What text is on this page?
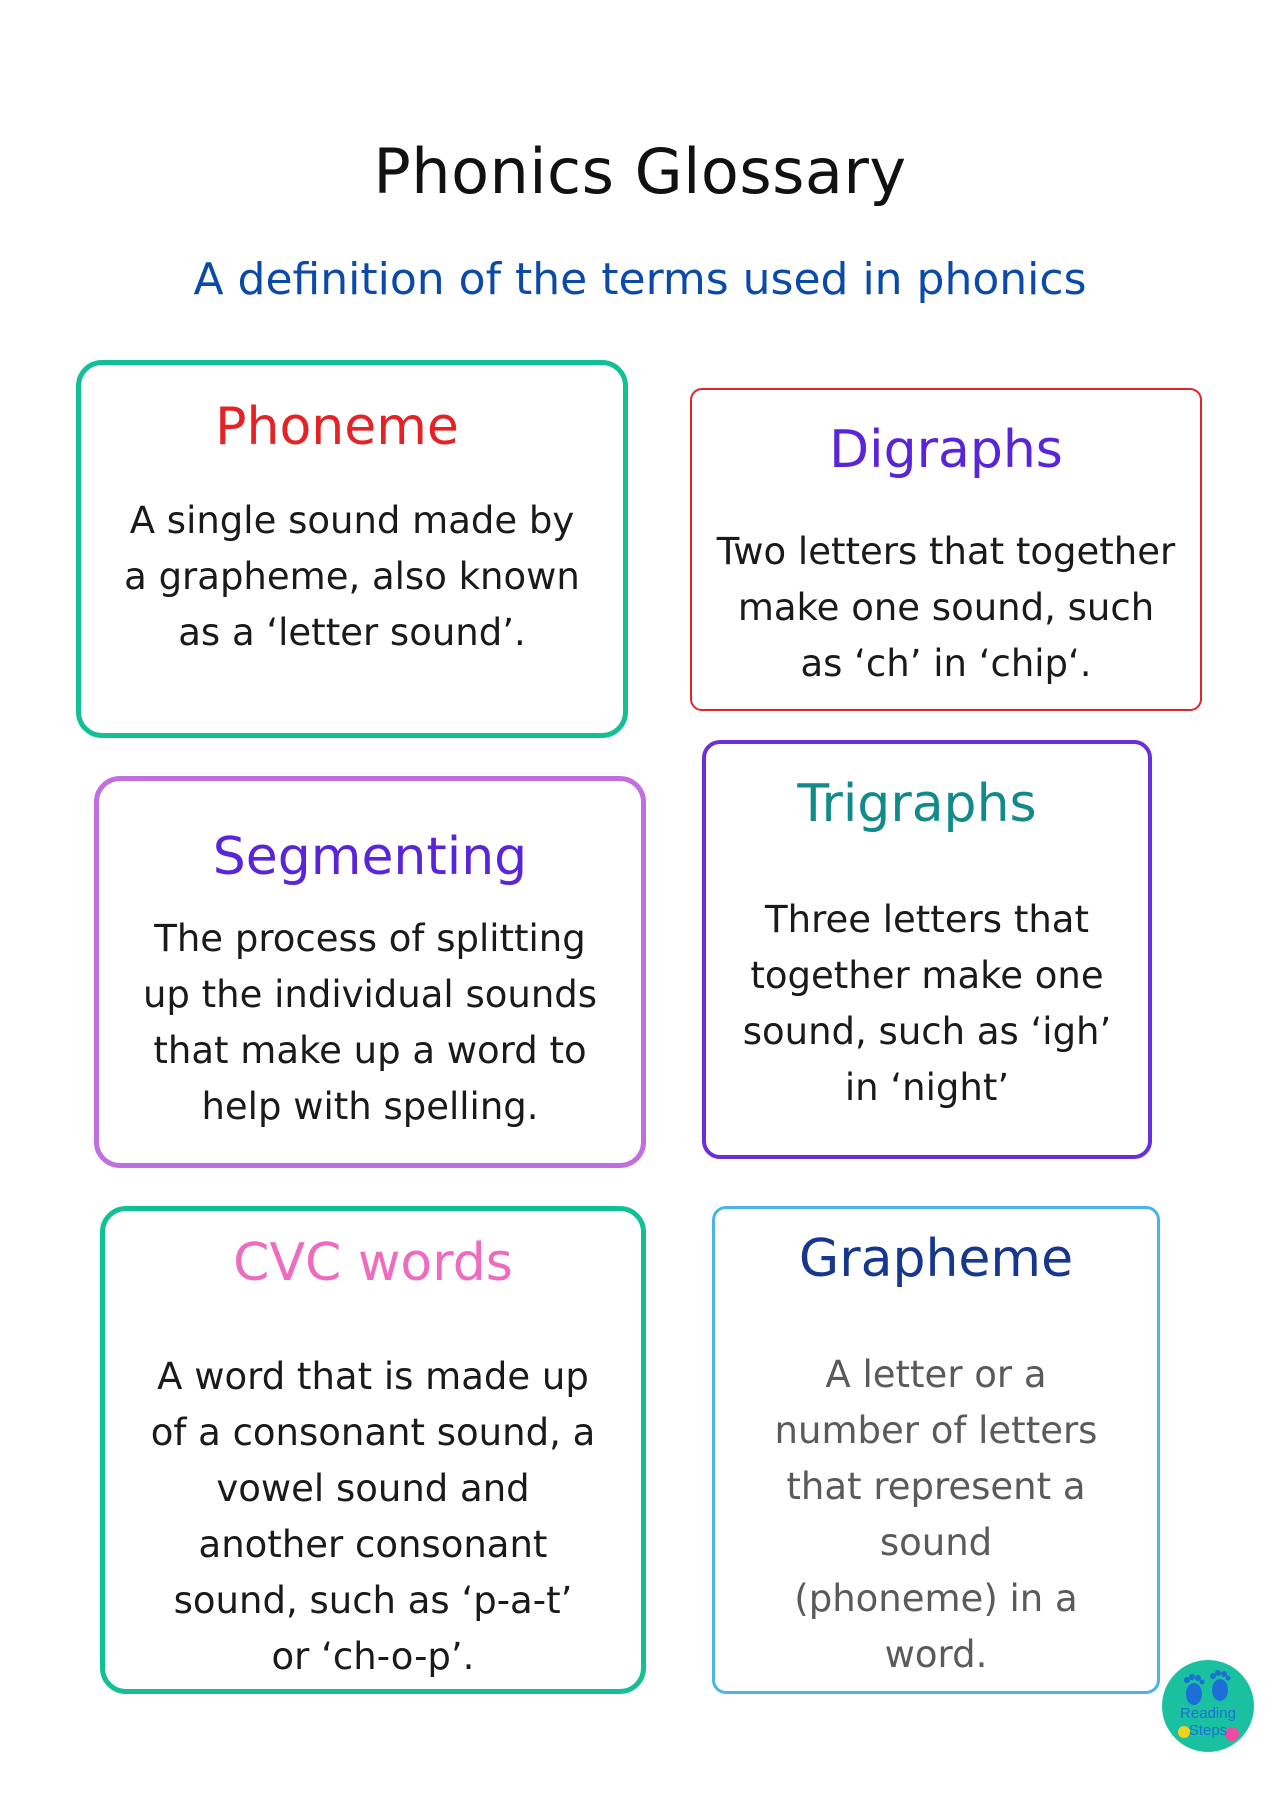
Phonics Glossary
A definition of the terms used in phonics
Phoneme

A single sound made by
a grapheme, also known
as a ‘letter sound’.

Digraphs

Two letters that together
make one sound, such
as ‘ch’ in ‘chip‘.

Segmenting

The process of splitting
up the individual sounds
that make up a word to
help with spelling.

Trigraphs

Three letters that
together make one
sound, such as ‘igh’
in ‘night’

CVC words

A word that is made up
of a consonant sound, a
vowel sound and
another consonant
sound, such as ‘p-a-t’
or ‘ch-o-p’.

Grapheme

A letter or a
number of letters
that represent a
sound
(phoneme) in a
word.

Reading

Steps
